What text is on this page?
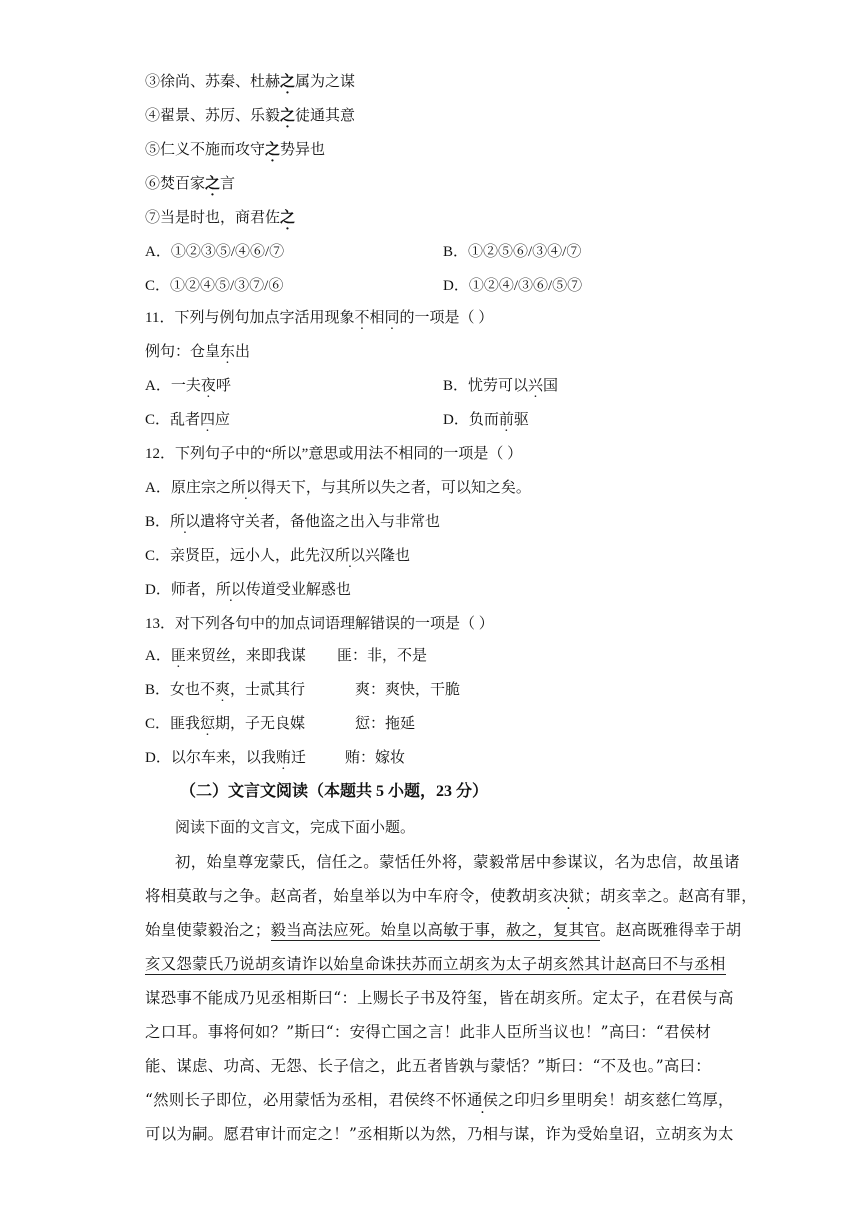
③徐尚、苏秦、杜赫之属为之谋
④翟景、苏厉、乐毅之徒通其意
⑤仁义不施而攻守之势异也
⑥焚百家之言
⑦当是时也，商君佐之
A．①②③⑤/④⑥/⑦	B．①②⑤⑥/③④/⑦
C．①②④⑤/③⑦/⑥	D．①②④/③⑥/⑤⑦
11．下列与例句加点字活用现象不相同的一项是（ ）
例句：仓皇东出
A．一夫夜呼	B．忧劳可以兴国
C．乱者四应	D．负而前驱
12．下列句子中的“所以”意思或用法不相同的一项是（ ）
A．原庄宗之所以得天下，与其所以失之者，可以知之矣。
B．所以遣将守关者，备他盗之出入与非常也
C．亲贤臣，远小人，此先汉所以兴隆也
D．师者，所以传道受业解惑也
13．对下列各句中的加点词语理解错误的一项是（ ）
A．匪来贸丝，来即我谋 匪：非，不是
B．女也不爽，士贰其行	爽：爽快，干脆
C．匪我愆期，子无良媒	愆：拖延
D．以尔车来，以我贿迁	贿：嫁妆
（二）文言文阅读（本题共 5 小题，23 分）
阅读下面的文言文，完成下面小题。
初，始皇尊宠蒙氏，信任之。蒙恬任外将，蒙毅常居中参谋议，名为忠信，故虽诸
将相莫敢与之争。赵高者，始皇举以为中车府令，使教胡亥决狱；胡亥幸之。赵高有罪，
始皇使蒙毅治之；毅当高法应死。始皇以高敏于事，赦之，复其官。赵高既雅得幸于胡
亥又怨蒙氏乃说胡亥请诈以始皇命诛扶苏而立胡亥为太子胡亥然其计赵高曰不与丞相
谋恐事不能成乃见丞相斯曰“：上赐长子书及符玺，皆在胡亥所。定太子，在君侯与高
之口耳。事将何如？”斯曰“：安得亡国之言！此非人臣所当议也！”高曰：“君侯材
能、谋虑、功高、无怨、长子信之，此五者皆孰与蒙恬？”斯曰：“不及也。”高曰：
“然则长子即位，必用蒙恬为丞相，君侯终不怀通侯之印归乡里明矣！胡亥慈仁笃厚，
可以为嗣。愿君审计而定之！”丞相斯以为然，乃相与谋，诈为受始皇诏，立胡亥为太
